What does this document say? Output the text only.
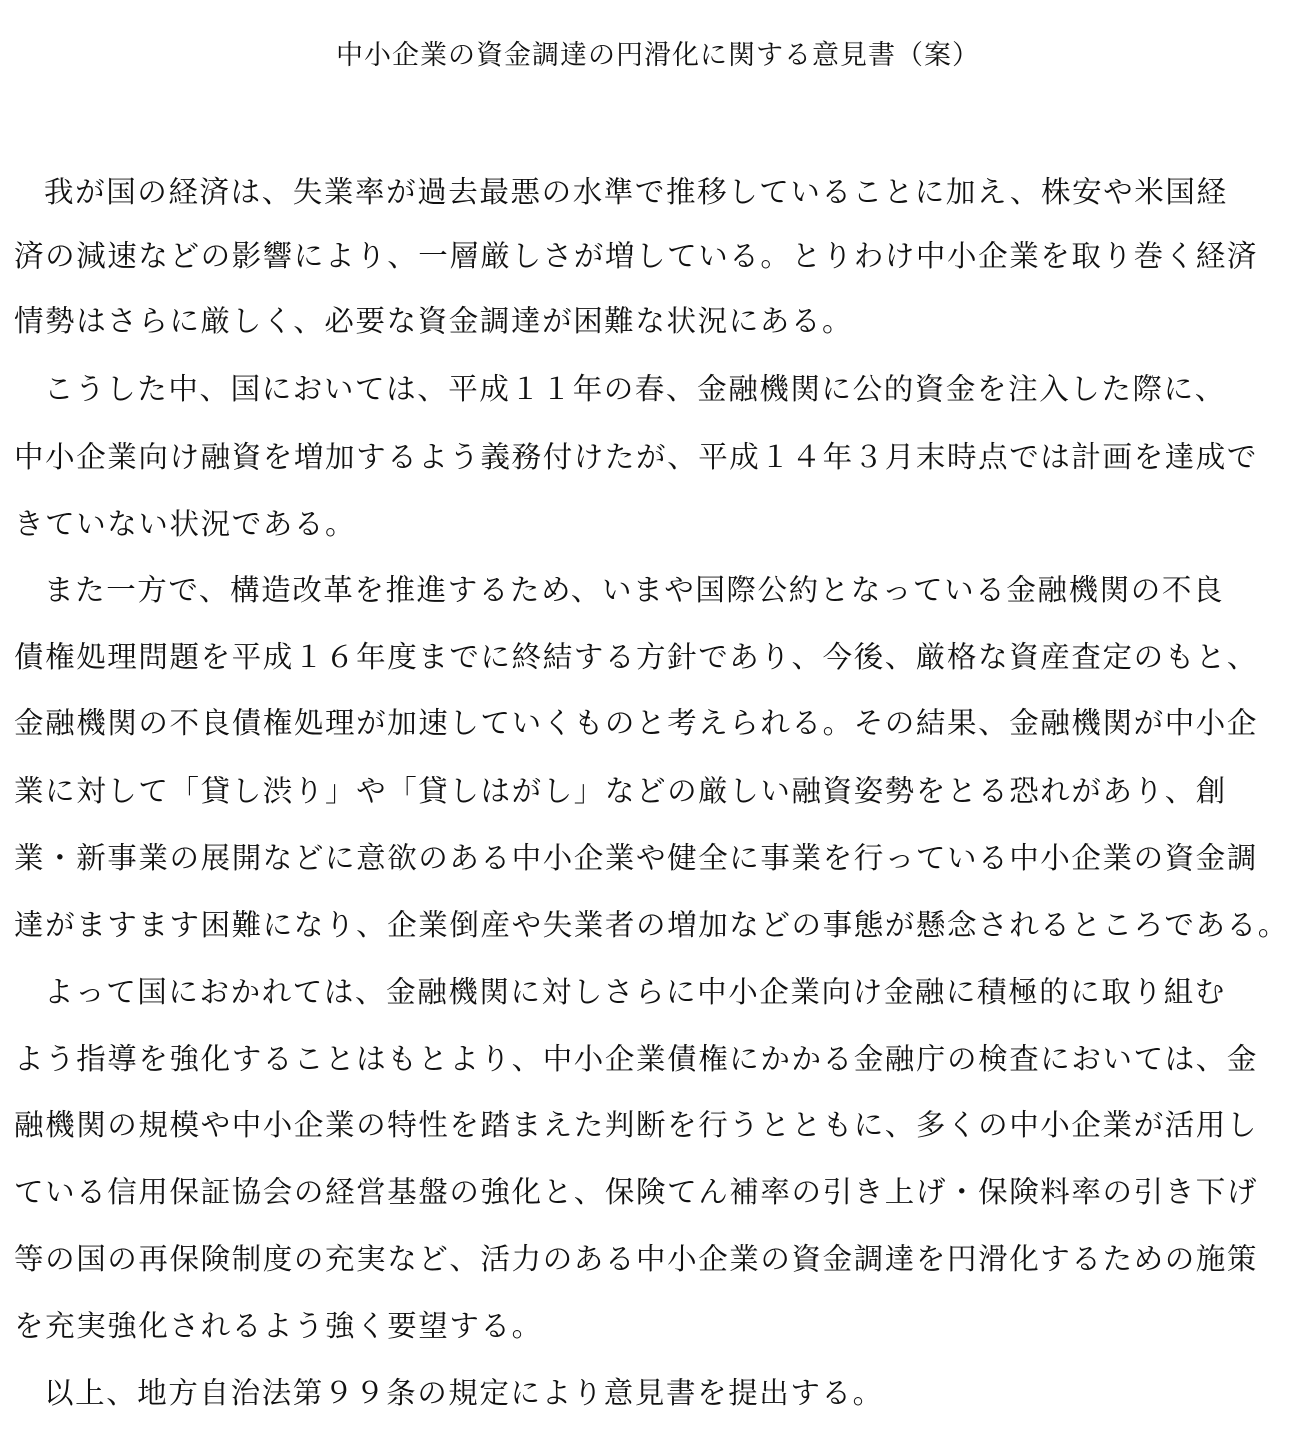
中小企業の資金調達の円滑化に関する意見書（案）
我が国の経済は、失業率が過去最悪の水準で推移していることに加え、株安や米国経
済の減速などの影響により、一層厳しさが増している。とりわけ中小企業を取り巻く経済
情勢はさらに厳しく、必要な資金調達が困難な状況にある。
こうした中、国においては、平成１１年の春、金融機関に公的資金を注入した際に、
中小企業向け融資を増加するよう義務付けたが、平成１４年３月末時点では計画を達成で
きていない状況である。
また一方で、構造改革を推進するため、いまや国際公約となっている金融機関の不良
債権処理問題を平成１６年度までに終結する方針であり、今後、厳格な資産査定のもと、
金融機関の不良債権処理が加速していくものと考えられる。その結果、金融機関が中小企
業に対して「貸し渋り」や「貸しはがし」などの厳しい融資姿勢をとる恐れがあり、創
業・新事業の展開などに意欲のある中小企業や健全に事業を行っている中小企業の資金調
達がますます困難になり、企業倒産や失業者の増加などの事態が懸念されるところである。
よって国におかれては、金融機関に対しさらに中小企業向け金融に積極的に取り組む
よう指導を強化することはもとより、中小企業債権にかかる金融庁の検査においては、金
融機関の規模や中小企業の特性を踏まえた判断を行うとともに、多くの中小企業が活用し
ている信用保証協会の経営基盤の強化と、保険てん補率の引き上げ・保険料率の引き下げ
等の国の再保険制度の充実など、活力のある中小企業の資金調達を円滑化するための施策
を充実強化されるよう強く要望する。
以上、地方自治法第９９条の規定により意見書を提出する。
